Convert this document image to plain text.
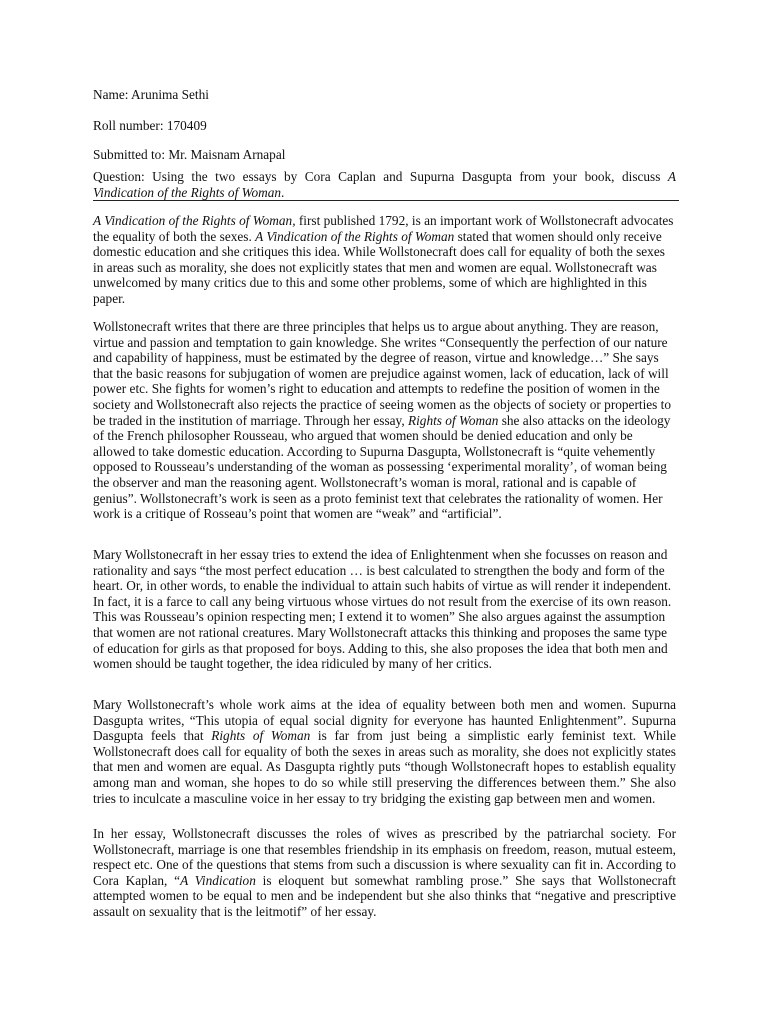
Name: Arunima Sethi
Roll number: 170409
Submitted to: Mr. Maisnam Arnapal
Question: Using the two essays by Cora Caplan and Supurna Dasgupta from your book, discuss A Vindication of the Rights of Woman.

A Vindication of the Rights of Woman, first published 1792, is an important work of Wollstonecraft advocates the equality of both the sexes. A Vindication of the Rights of Woman stated that women should only receive domestic education and she critiques this idea. While Wollstonecraft does call for equality of both the sexes in areas such as morality, she does not explicitly states that men and women are equal. Wollstonecraft was unwelcomed by many critics due to this and some other problems, some of which are highlighted in this paper.

Wollstonecraft writes that there are three principles that helps us to argue about anything. They are reason, virtue and passion and temptation to gain knowledge. She writes “Consequently the perfection of our nature and capability of happiness, must be estimated by the degree of reason, virtue and knowledge…” She says that the basic reasons for subjugation of women are prejudice against women, lack of education, lack of will power etc. She fights for women’s right to education and attempts to redefine the position of women in the society and Wollstonecraft also rejects the practice of seeing women as the objects of society or properties to be traded in the institution of marriage. Through her essay, Rights of Woman she also attacks on the ideology of the French philosopher Rousseau, who argued that women should be denied education and only be allowed to take domestic education. According to Supurna Dasgupta, Wollstonecraft is “quite vehemently opposed to Rousseau’s understanding of the woman as possessing ‘experimental morality’, of woman being the observer and man the reasoning agent. Wollstonecraft’s woman is moral, rational and is capable of genius”. Wollstonecraft’s work is seen as a proto feminist text that celebrates the rationality of women. Her work is a critique of Rosseau’s point that women are “weak” and “artificial”.

Mary Wollstonecraft in her essay tries to extend the idea of Enlightenment when she focusses on reason and rationality and says “the most perfect education … is best calculated to strengthen the body and form of the heart. Or, in other words, to enable the individual to attain such habits of virtue as will render it independent. In fact, it is a farce to call any being virtuous whose virtues do not result from the exercise of its own reason. This was Rousseau’s opinion respecting men; I extend it to women” She also argues against the assumption that women are not rational creatures. Mary Wollstonecraft attacks this thinking and proposes the same type of education for girls as that proposed for boys. Adding to this, she also proposes the idea that both men and women should be taught together, the idea ridiculed by many of her critics.

Mary Wollstonecraft’s whole work aims at the idea of equality between both men and women. Supurna Dasgupta writes, “This utopia of equal social dignity for everyone has haunted Enlightenment”. Supurna Dasgupta feels that Rights of Woman is far from just being a simplistic early feminist text. While Wollstonecraft does call for equality of both the sexes in areas such as morality, she does not explicitly states that men and women are equal. As Dasgupta rightly puts “though Wollstonecraft hopes to establish equality among man and woman, she hopes to do so while still preserving the differences between them.” She also tries to inculcate a masculine voice in her essay to try bridging the existing gap between men and women.

In her essay, Wollstonecraft discusses the roles of wives as prescribed by the patriarchal society. For Wollstonecraft, marriage is one that resembles friendship in its emphasis on freedom, reason, mutual esteem, respect etc. One of the questions that stems from such a discussion is where sexuality can fit in. According to Cora Kaplan, “A Vindication is eloquent but somewhat rambling prose.” She says that Wollstonecraft attempted women to be equal to men and be independent but she also thinks that “negative and prescriptive assault on sexuality that is the leitmotif” of her essay.
